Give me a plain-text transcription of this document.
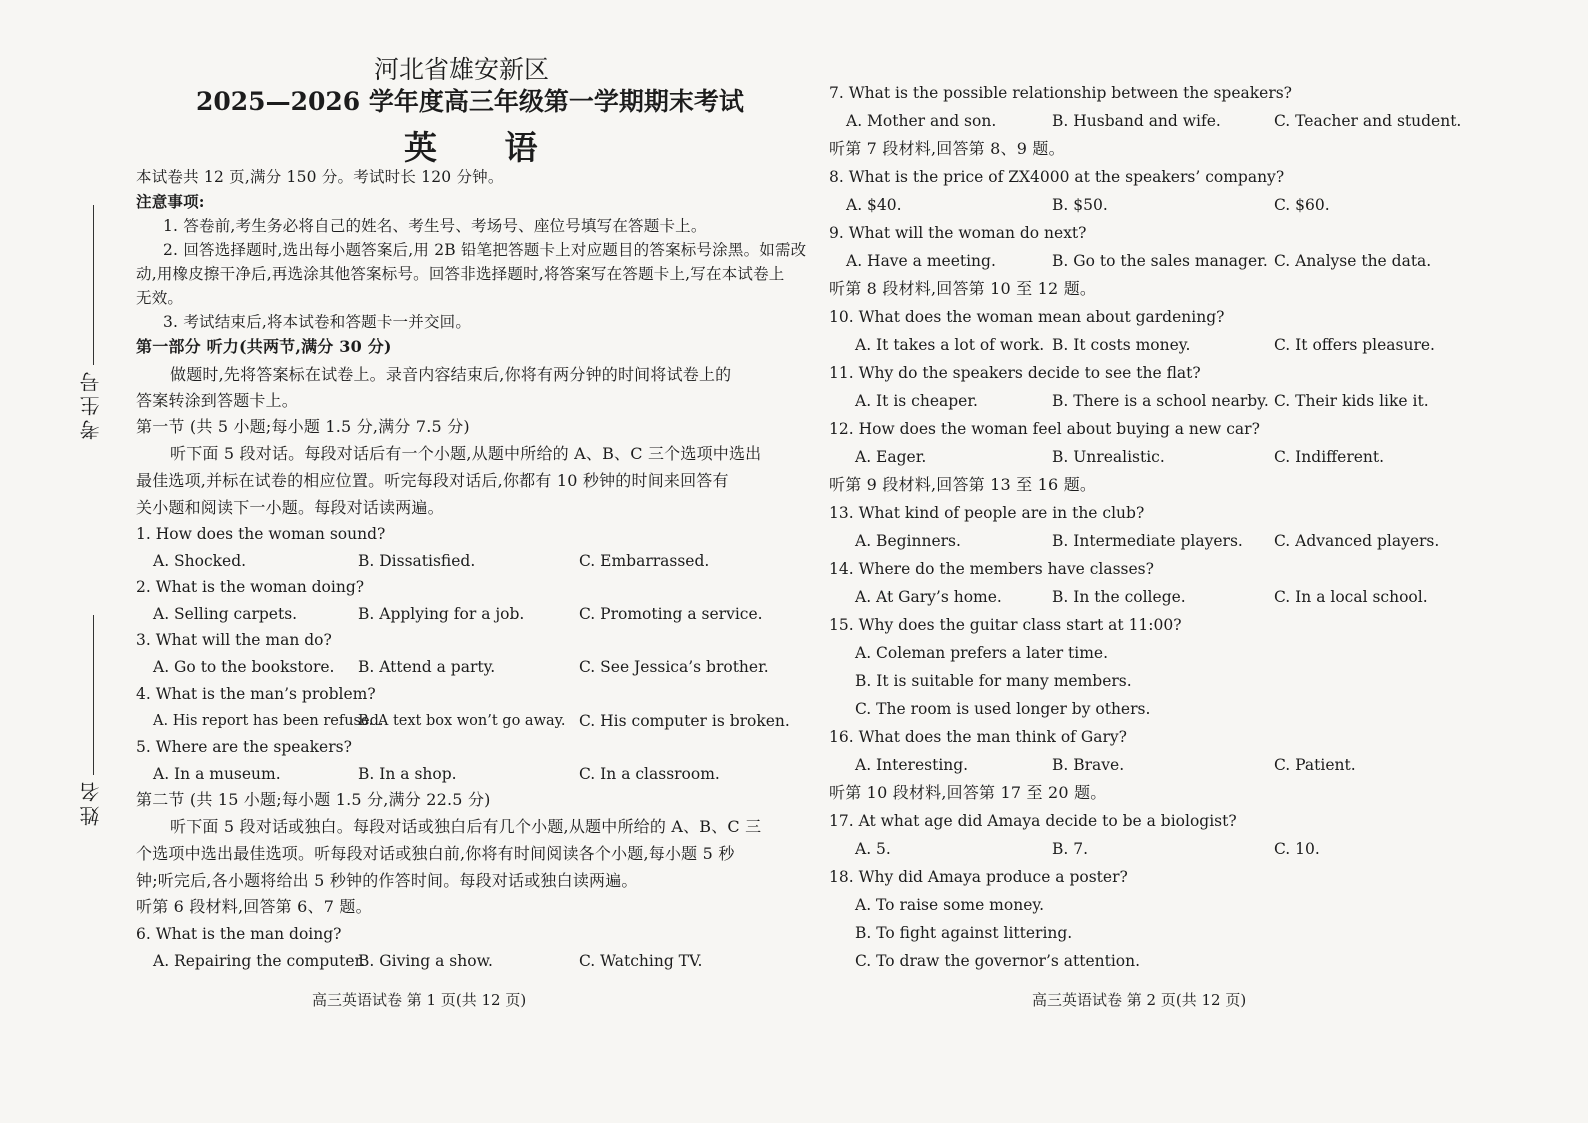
考生号
姓名
河北省雄安新区
2025—2026 学年度高三年级第一学期期末考试
英 语
本试卷共 12 页,满分 150 分。考试时长 120 分钟。
注意事项:
1. 答卷前,考生务必将自己的姓名、考生号、考场号、座位号填写在答题卡上。
2. 回答选择题时,选出每小题答案后,用 2B 铅笔把答题卡上对应题目的答案标号涂黑。如需改
动,用橡皮擦干净后,再选涂其他答案标号。回答非选择题时,将答案写在答题卡上,写在本试卷上
无效。
3. 考试结束后,将本试卷和答题卡一并交回。
第一部分 听力(共两节,满分 30 分)
做题时,先将答案标在试卷上。录音内容结束后,你将有两分钟的时间将试卷上的
答案转涂到答题卡上。
第一节 (共 5 小题;每小题 1.5 分,满分 7.5 分)
听下面 5 段对话。每段对话后有一个小题,从题中所给的 A、B、C 三个选项中选出
最佳选项,并标在试卷的相应位置。听完每段对话后,你都有 10 秒钟的时间来回答有
关小题和阅读下一小题。每段对话读两遍。
1. How does the woman sound?
A. Shocked.	B. Dissatisfied.	C. Embarrassed.
2. What is the woman doing?
A. Selling carpets.	B. Applying for a job.	C. Promoting a service.
3. What will the man do?
A. Go to the bookstore. B. Attend a party.	C. See Jessica’s brother.
4. What is the man’s problem?
A. His report has been refused.
B. A text box won’t go away. C. His computer is broken.
5. Where are the speakers?
A. In a museum.	B. In a shop.	C. In a classroom.
第二节 (共 15 小题;每小题 1.5 分,满分 22.5 分)
听下面 5 段对话或独白。每段对话或独白后有几个小题,从题中所给的 A、B、C 三
个选项中选出最佳选项。听每段对话或独白前,你将有时间阅读各个小题,每小题 5 秒
钟;听完后,各小题将给出 5 秒钟的作答时间。每段对话或独白读两遍。
听第 6 段材料,回答第 6、7 题。
6. What is the man doing?
A. Repairing the computer.
B. Giving a show.	C. Watching TV.
高三英语试卷 第 1 页(共 12 页)
7. What is the possible relationship between the speakers?
A. Mother and son.	B. Husband and wife.	C. Teacher and student.
听第 7 段材料,回答第 8、9 题。
8. What is the price of ZX4000 at the speakers’ company?
A. $40.	B. $50.	C. $60.
9. What will the woman do next?
A. Have a meeting.	B. Go to the sales manager. C. Analyse the data.
听第 8 段材料,回答第 10 至 12 题。
10. What does the woman mean about gardening?
A. It takes a lot of work. B. It costs money.	C. It offers pleasure.
11. Why do the speakers decide to see the flat?
A. It is cheaper.	B. There is a school nearby. C. Their kids like it.
12. How does the woman feel about buying a new car?
A. Eager.	B. Unrealistic.	C. Indifferent.
听第 9 段材料,回答第 13 至 16 题。
13. What kind of people are in the club?
A. Beginners.	B. Intermediate players. C. Advanced players.
14. Where do the members have classes?
A. At Gary’s home.	B. In the college.	C. In a local school.
15. Why does the guitar class start at 11:00?
A. Coleman prefers a later time.
B. It is suitable for many members.
C. The room is used longer by others.
16. What does the man think of Gary?
A. Interesting.	B. Brave.	C. Patient.
听第 10 段材料,回答第 17 至 20 题。
17. At what age did Amaya decide to be a biologist?
A. 5.	B. 7.	C. 10.
18. Why did Amaya produce a poster?
A. To raise some money.
B. To fight against littering.
C. To draw the governor’s attention.
高三英语试卷 第 2 页(共 12 页)
